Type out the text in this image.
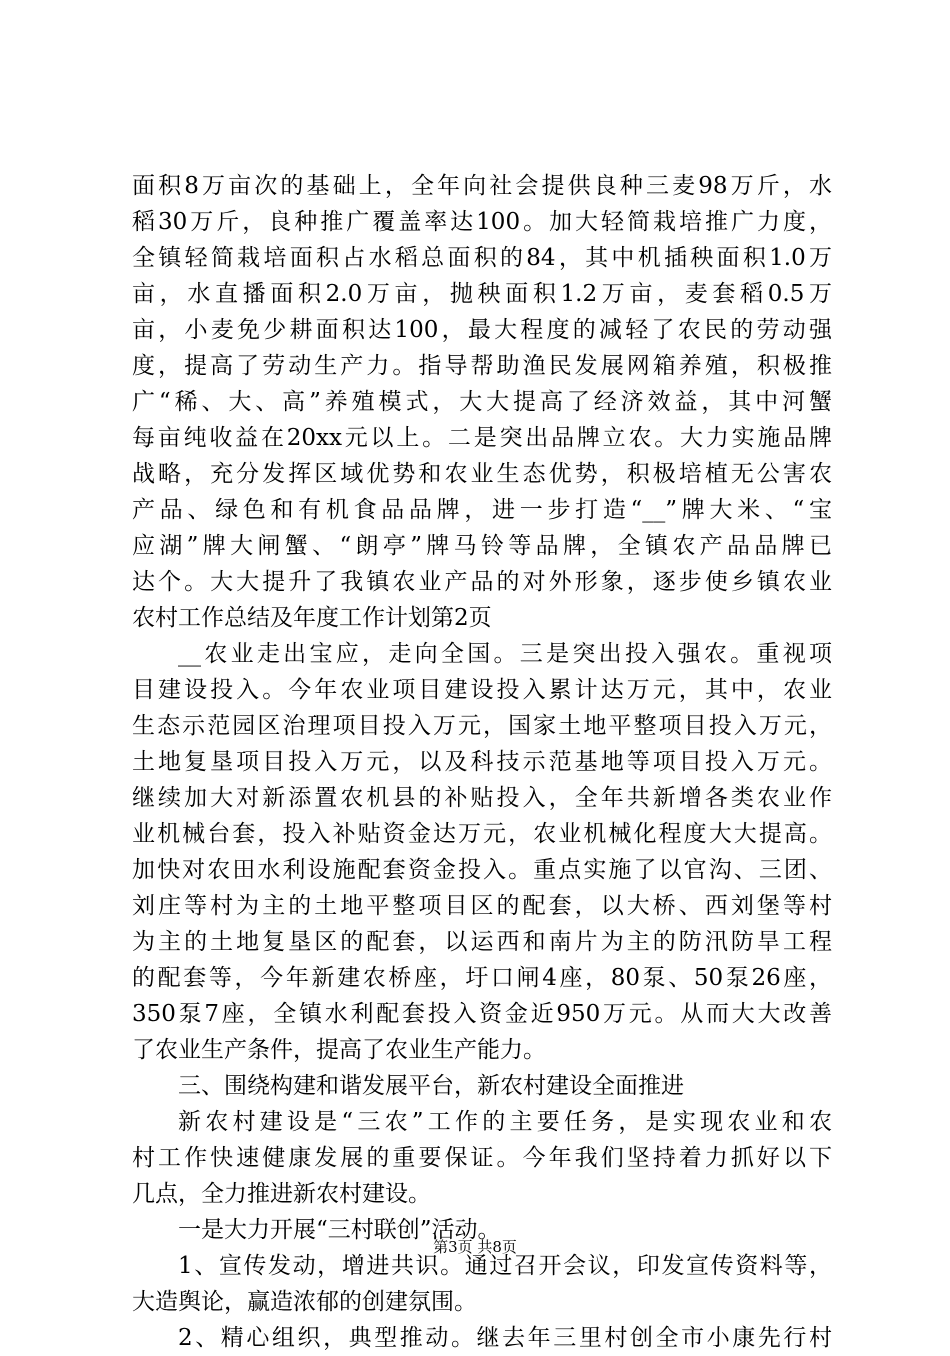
面积8万亩次的基础上，全年向社会提供良种三麦98万斤，水
稻30万斤，良种推广覆盖率达100。加大轻简栽培推广力度，
全镇轻简栽培面积占水稻总面积的84，其中机插秧面积1.0万
亩，水直播面积2.0万亩，抛秧面积1.2万亩，麦套稻0.5万
亩，小麦免少耕面积达100，最大程度的减轻了农民的劳动强
度，提高了劳动生产力。指导帮助渔民发展网箱养殖，积极推
广“稀、大、高”养殖模式，大大提高了经济效益，其中河蟹
每亩纯收益在20xx元以上。二是突出品牌立农。大力实施品牌
战略，充分发挥区域优势和农业生态优势，积极培植无公害农
产品、绿色和有机食品品牌，进一步打造“__”牌大米、“宝
应湖”牌大闸蟹、“朗亭”牌马铃等品牌，全镇农产品品牌已
达个。大大提升了我镇农业产品的对外形象，逐步使乡镇农业
农村工作总结及年度工作计划第2页
__农业走出宝应，走向全国。三是突出投入强农。重视项
目建设投入。今年农业项目建设投入累计达万元，其中，农业
生态示范园区治理项目投入万元，国家土地平整项目投入万元，
土地复垦项目投入万元，以及科技示范基地等项目投入万元。
继续加大对新添置农机县的补贴投入，全年共新增各类农业作
业机械台套，投入补贴资金达万元，农业机械化程度大大提高。
加快对农田水利设施配套资金投入。重点实施了以官沟、三团、
刘庄等村为主的土地平整项目区的配套，以大桥、西刘堡等村
为主的土地复垦区的配套，以运西和南片为主的防汛防旱工程
的配套等，今年新建农桥座，圩口闸4座，80泵、50泵26座，
350泵7座，全镇水利配套投入资金近950万元。从而大大改善
了农业生产条件，提高了农业生产能力。
三、围绕构建和谐发展平台，新农村建设全面推进
新农村建设是“三农”工作的主要任务，是实现农业和农
村工作快速健康发展的重要保证。今年我们坚持着力抓好以下
几点，全力推进新农村建设。
一是大力开展“三村联创”活动。
1、宣传发动，增进共识。通过召开会议，印发宣传资料等，
大造舆论，赢造浓郁的创建氛围。
2、精心组织，典型推动。继去年三里村创全市小康先行村
第3页 共8页
